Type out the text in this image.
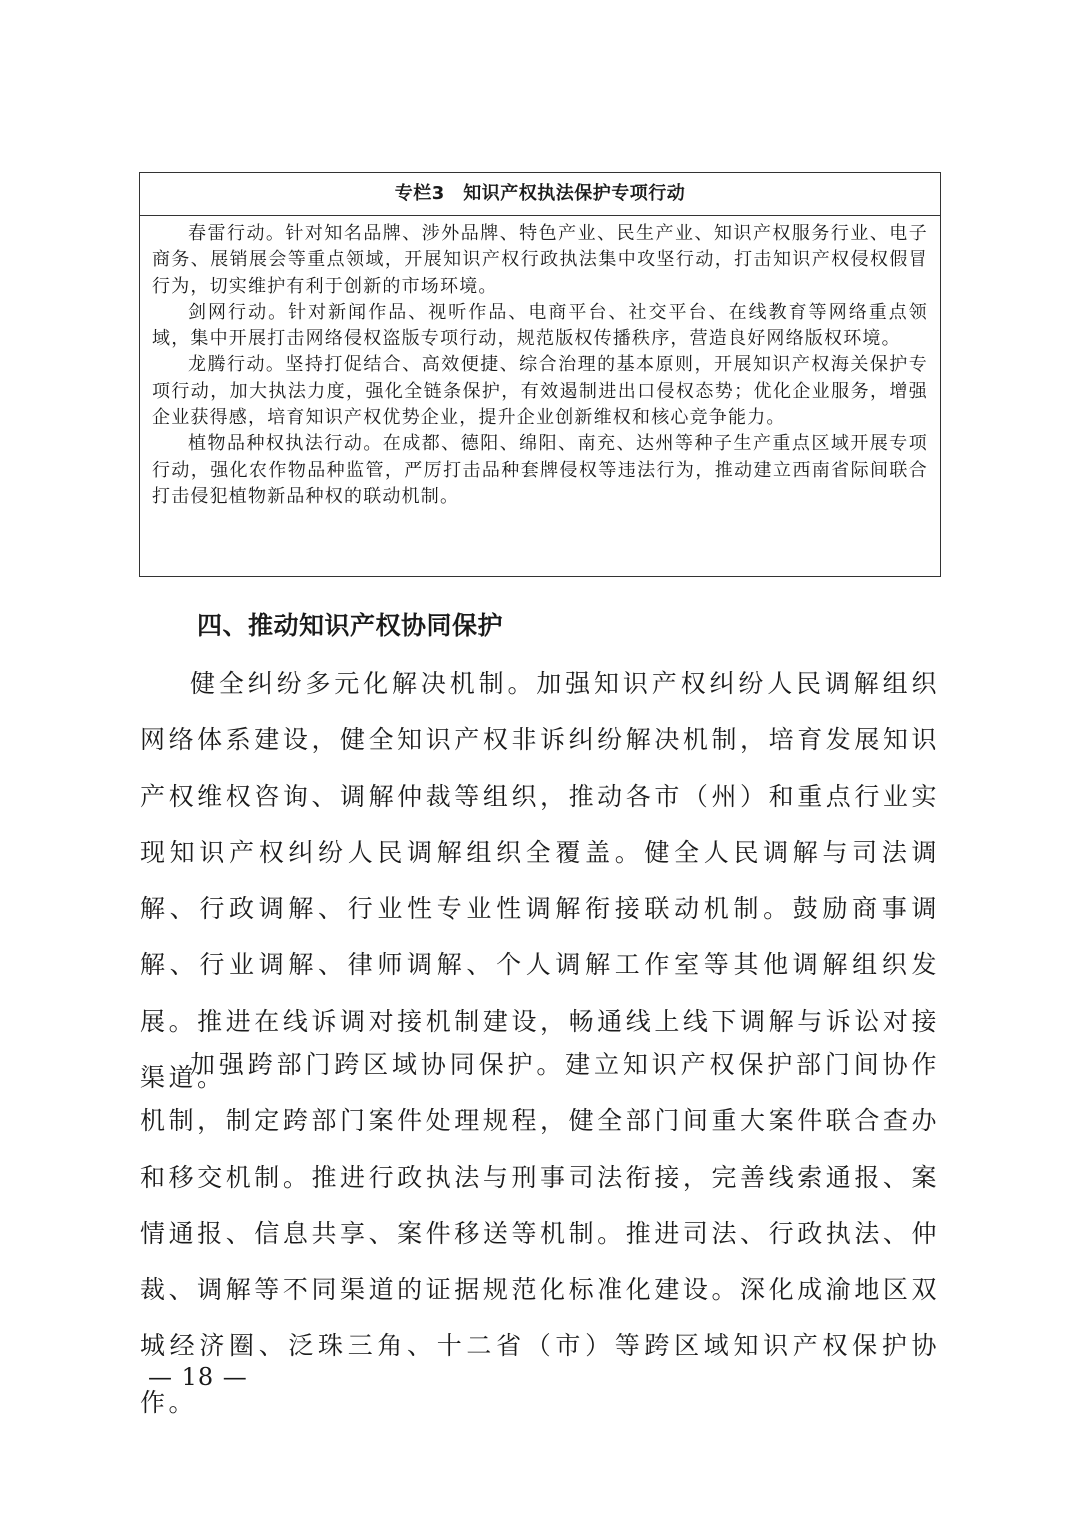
专栏3　知识产权执法保护专项行动

春雷行动。针对知名品牌、涉外品牌、特色产业、民生产业、知识产权服务行业、电子商务、展销展会等重点领域，开展知识产权行政执法集中攻坚行动，打击知识产权侵权假冒行为，切实维护有利于创新的市场环境。

剑网行动。针对新闻作品、视听作品、电商平台、社交平台、在线教育等网络重点领域，集中开展打击网络侵权盗版专项行动，规范版权传播秩序，营造良好网络版权环境。

龙腾行动。坚持打促结合、高效便捷、综合治理的基本原则，开展知识产权海关保护专项行动，加大执法力度，强化全链条保护，有效遏制进出口侵权态势；优化企业服务，增强企业获得感，培育知识产权优势企业，提升企业创新维权和核心竞争能力。

植物品种权执法行动。在成都、德阳、绵阳、南充、达州等种子生产重点区域开展专项行动，强化农作物品种监管，严厉打击品种套牌侵权等违法行为，推动建立西南省际间联合打击侵犯植物新品种权的联动机制。

四、推动知识产权协同保护

健全纠纷多元化解决机制。加强知识产权纠纷人民调解组织网络体系建设，健全知识产权非诉纠纷解决机制，培育发展知识产权维权咨询、调解仲裁等组织，推动各市（州）和重点行业实现知识产权纠纷人民调解组织全覆盖。健全人民调解与司法调解、行政调解、行业性专业性调解衔接联动机制。鼓励商事调解、行业调解、律师调解、个人调解工作室等其他调解组织发展。推进在线诉调对接机制建设，畅通线上线下调解与诉讼对接渠道。

加强跨部门跨区域协同保护。建立知识产权保护部门间协作机制，制定跨部门案件处理规程，健全部门间重大案件联合查办和移交机制。推进行政执法与刑事司法衔接，完善线索通报、案情通报、信息共享、案件移送等机制。推进司法、行政执法、仲裁、调解等不同渠道的证据规范化标准化建设。深化成渝地区双城经济圈、泛珠三角、十二省（市）等跨区域知识产权保护协作。

— 18 —
